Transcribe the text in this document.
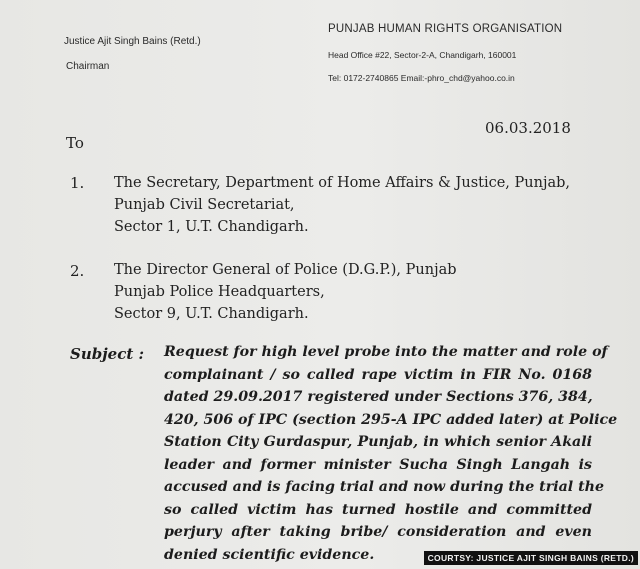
Justice Ajit Singh Bains (Retd.)
Chairman
PUNJAB HUMAN RIGHTS ORGANISATION
Head Office #22, Sector-2-A, Chandigarh, 160001
Tel: 0172-2740865 Email:-phro_chd@yahoo.co.in
06.03.2018
To
1. The Secretary, Department of Home Affairs & Justice, Punjab,
Punjab Civil Secretariat,
Sector 1, U.T. Chandigarh.
2. The Director General of Police (D.G.P.), Punjab
Punjab Police Headquarters,
Sector 9, U.T. Chandigarh.
Subject : Request for high level probe into the matter and role of
complainant / so called rape victim in FIR No. 0168
dated 29.09.2017 registered under Sections 376, 384,
420, 506 of IPC (section 295-A IPC added later) at Police
Station City Gurdaspur, Punjab, in which senior Akali
leader and former minister Sucha Singh Langah is
accused and is facing trial and now during the trial the
so called victim has turned hostile and committed
perjury after taking bribe/ consideration and even
denied scientific evidence.	COURTSY: JUSTICE AJIT SINGH BAINS (RETD.)
